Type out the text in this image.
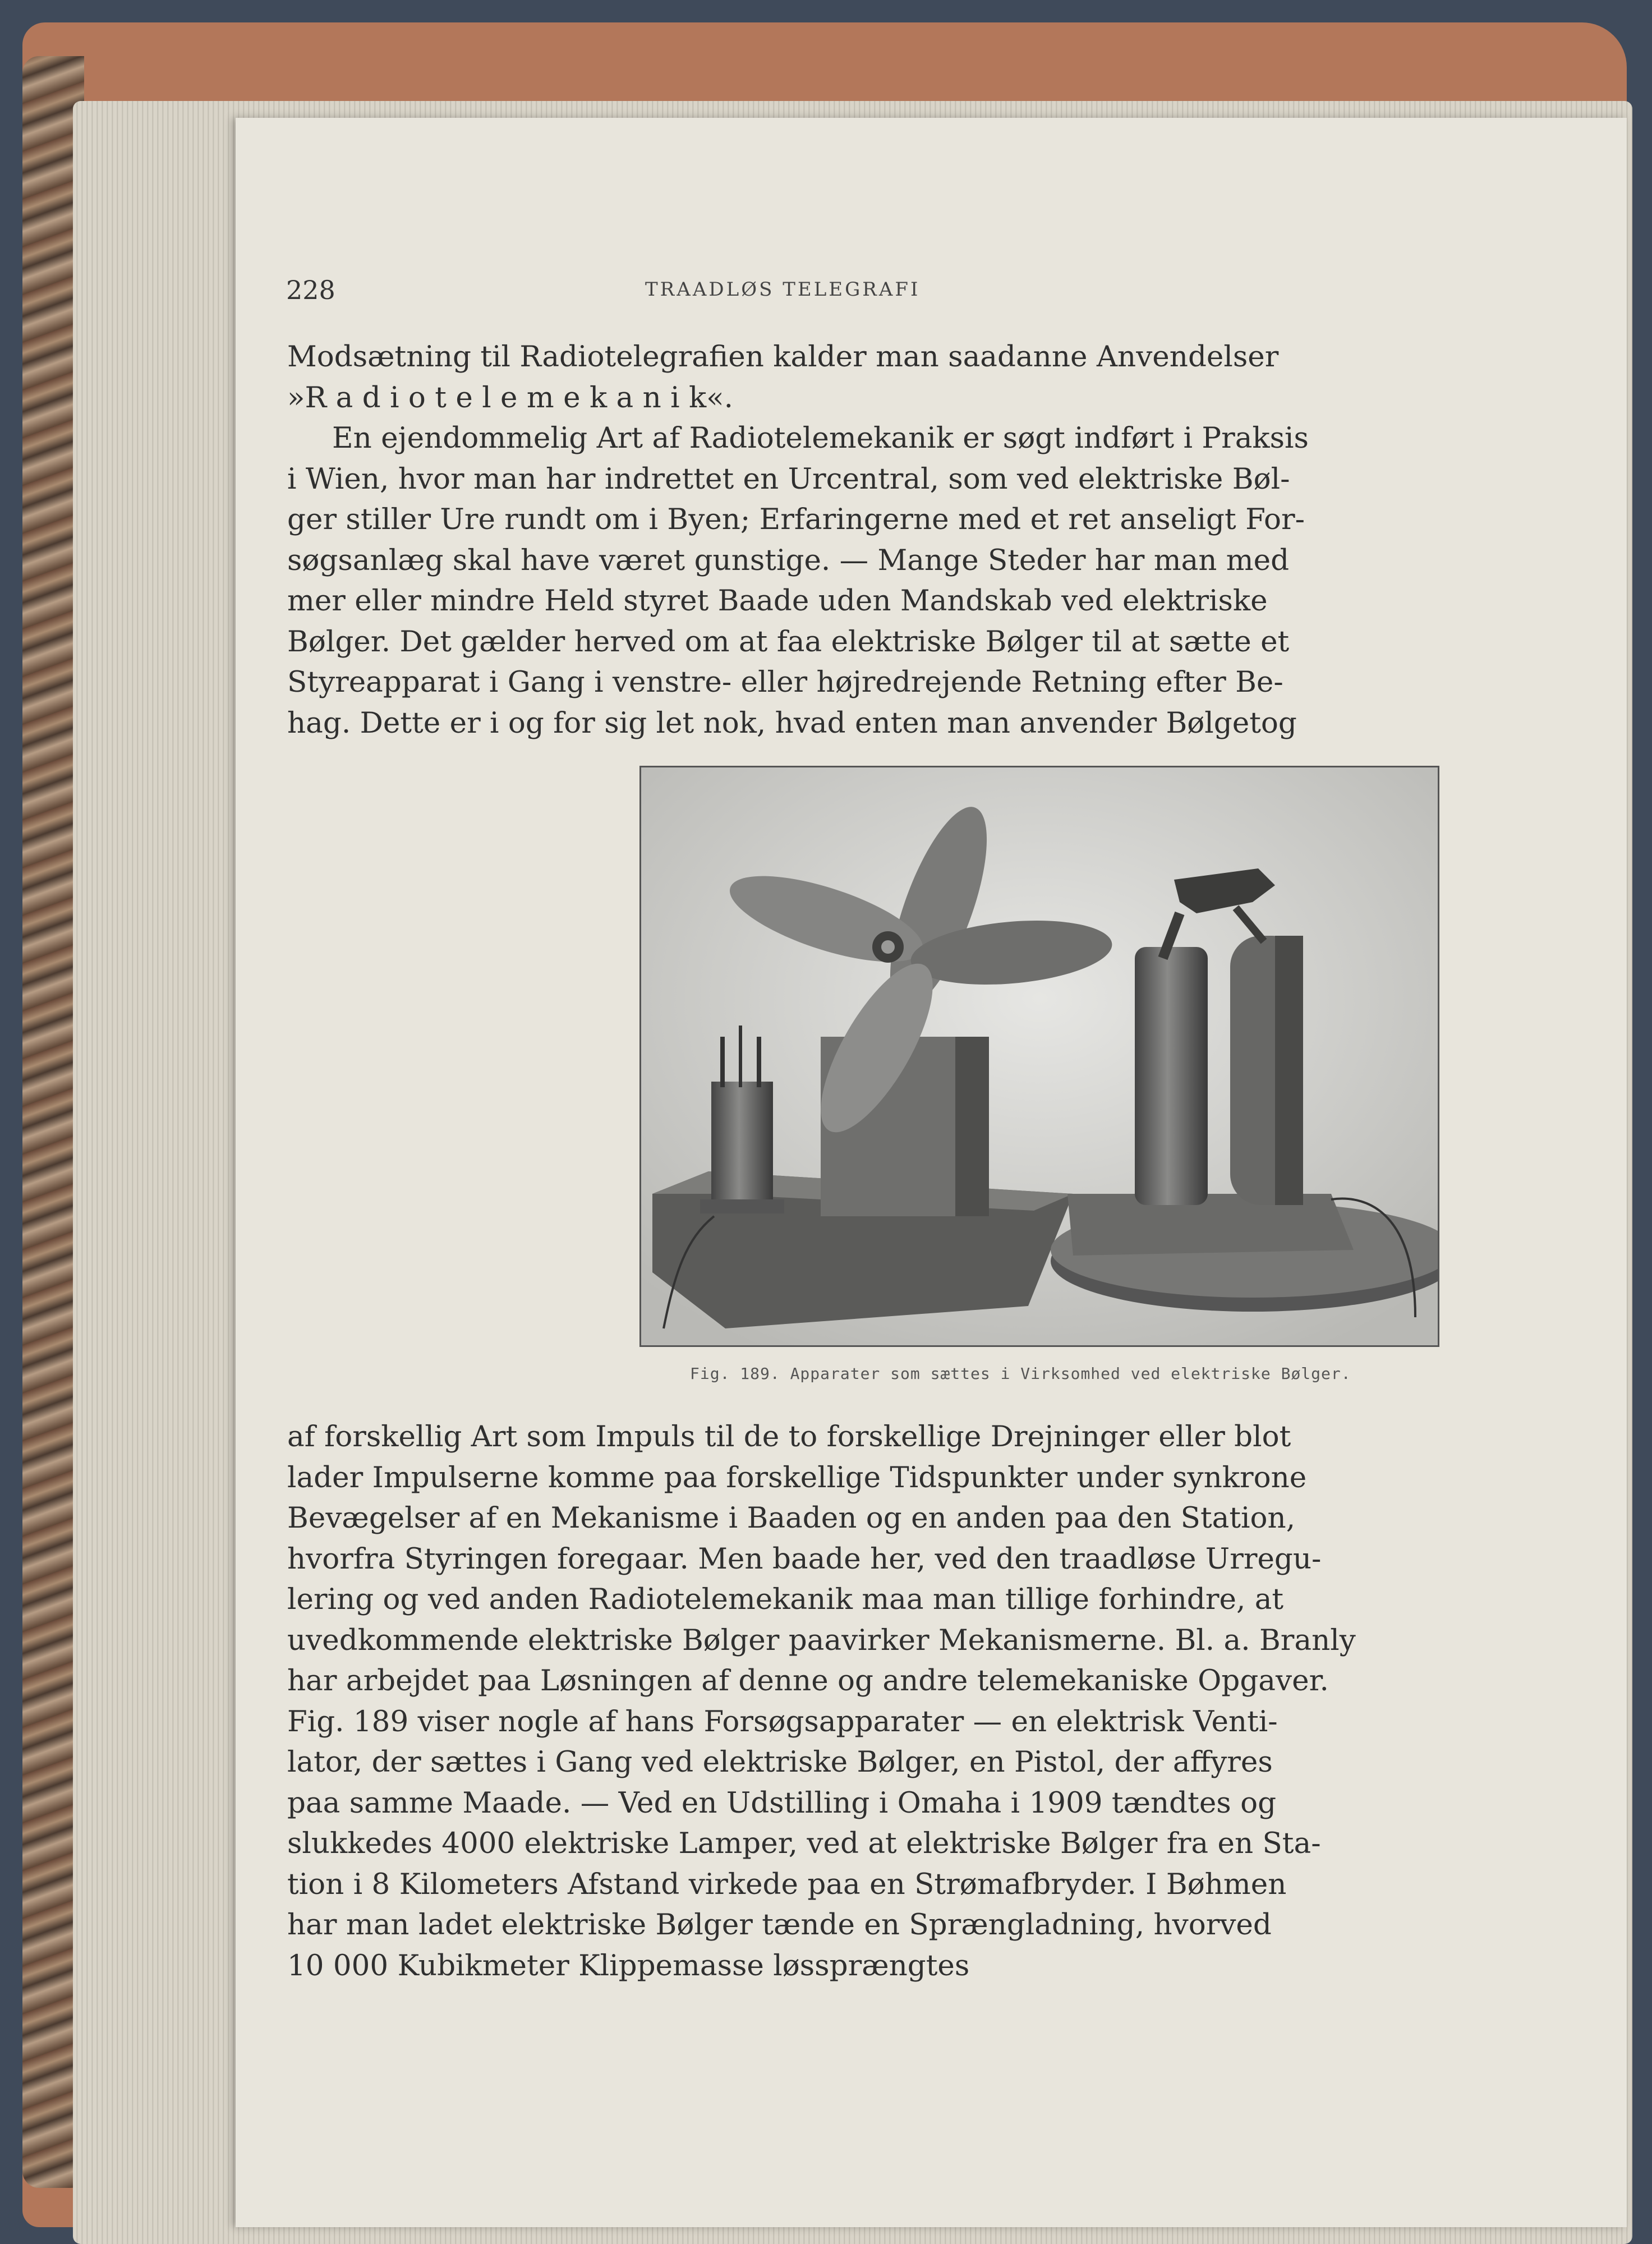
228	TRAADLØS TELEGRAFI
Modsætning til Radiotelegrafien kalder man saadanne Anvendelser
»R a d i o t e l e m e k a n i k«.
En ejendommelig Art af Radiotelemekanik er søgt indført i Praksis
i Wien, hvor man har indrettet en Urcentral, som ved elektriske Bøl-
ger stiller Ure rundt om i Byen; Erfaringerne med et ret anseligt For-
søgsanlæg skal have været gunstige. — Mange Steder har man med
mer eller mindre Held styret Baade uden Mandskab ved elektriske
Bølger. Det gælder herved om at faa elektriske Bølger til at sætte et
Styreapparat i Gang i venstre- eller højredrejende Retning efter Be-
hag. Dette er i og for sig let nok, hvad enten man anvender Bølgetog
Fig. 189. Apparater som sættes i Virksomhed ved elektriske Bølger.
af forskellig Art som Impuls til de to forskellige Drejninger eller blot
lader Impulserne komme paa forskellige Tidspunkter under synkrone
Bevægelser af en Mekanisme i Baaden og en anden paa den Station,
hvorfra Styringen foregaar. Men baade her, ved den traadløse Urregu-
lering og ved anden Radiotelemekanik maa man tillige forhindre, at
uvedkommende elektriske Bølger paavirker Mekanismerne. Bl. a. Branly
har arbejdet paa Løsningen af denne og andre telemekaniske Opgaver.
Fig. 189 viser nogle af hans Forsøgsapparater — en elektrisk Venti-
lator, der sættes i Gang ved elektriske Bølger, en Pistol, der affyres
paa samme Maade. — Ved en Udstilling i Omaha i 1909 tændtes og
slukkedes 4000 elektriske Lamper, ved at elektriske Bølger fra en Sta-
tion i 8 Kilometers Afstand virkede paa en Strømafbryder. I Bøhmen
har man ladet elektriske Bølger tænde en Sprængladning, hvorved
10 000 Kubikmeter Klippemasse løssprængtes
